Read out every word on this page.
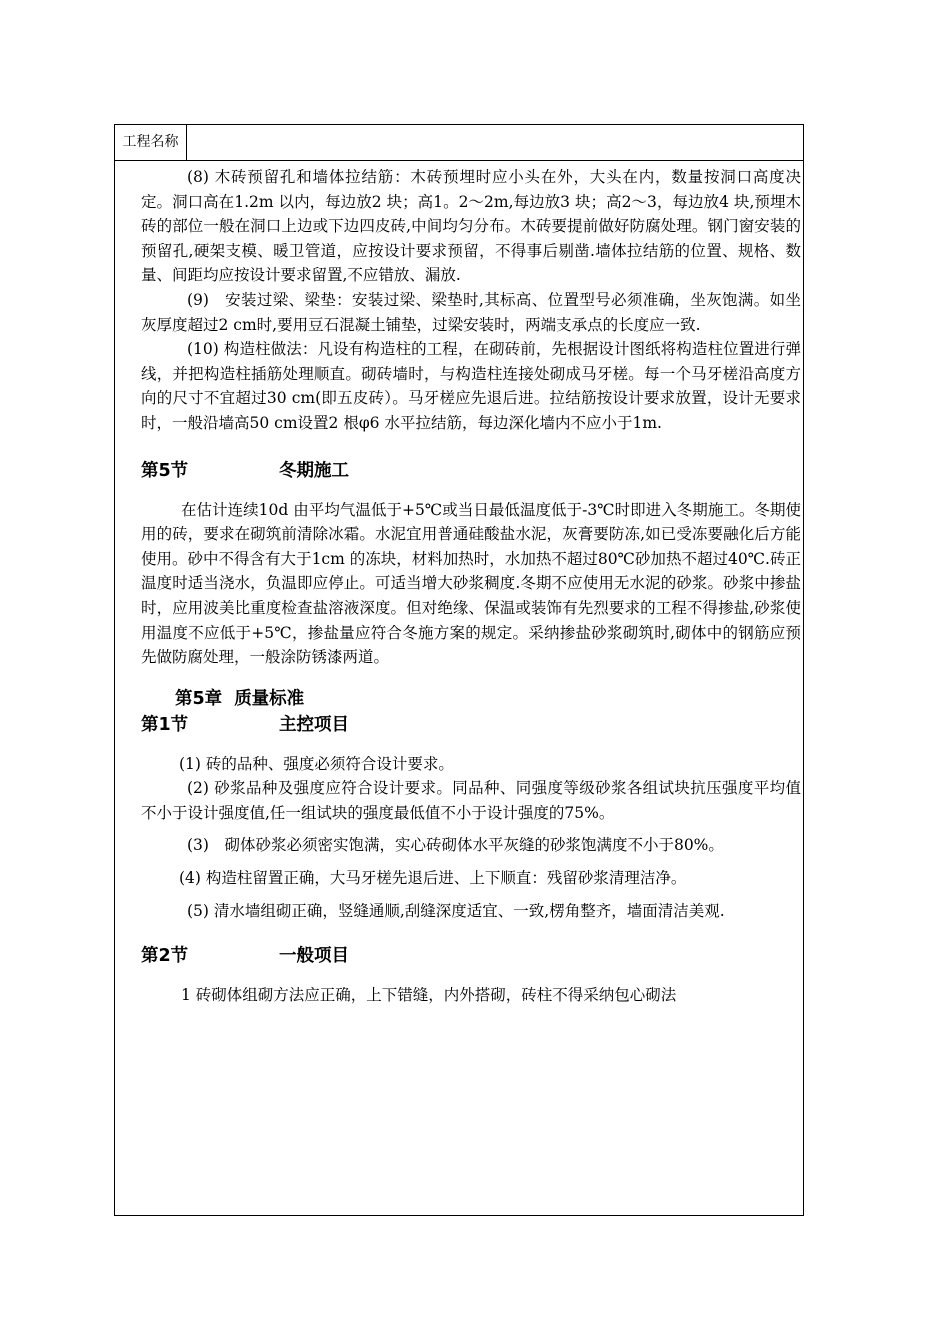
工程名称

(8) 木砖预留孔和墙体拉结筋：木砖预埋时应小头在外，大头在内，数量按洞口高度决定。洞口高在1.2m 以内，每边放2 块；高1。2～2m,每边放3 块；高2～3，每边放4 块,预埋木砖的部位一般在洞口上边或下边四皮砖,中间均匀分布。木砖要提前做好防腐处理。钢门窗安装的预留孔,硬架支模、暖卫管道，应按设计要求预留，不得事后剔凿.墙体拉结筋的位置、规格、数量、间距均应按设计要求留置,不应错放、漏放.

(9)　安装过梁、梁垫：安装过梁、梁垫时,其标高、位置型号必须准确，坐灰饱满。如坐灰厚度超过2 cm时,要用豆石混凝土铺垫，过梁安装时，两端支承点的长度应一致.

(10) 构造柱做法：凡设有构造柱的工程，在砌砖前，先根据设计图纸将构造柱位置进行弹线，并把构造柱插筋处理顺直。砌砖墙时，与构造柱连接处砌成马牙槎。每一个马牙槎沿高度方向的尺寸不宜超过30 cm(即五皮砖）。马牙槎应先退后进。拉结筋按设计要求放置，设计无要求时，一般沿墙高50 cm设置2 根φ6 水平拉结筋，每边深化墙内不应小于1m.

第5节	冬期施工

在估计连续10d 由平均气温低于+5℃或当日最低温度低于-3℃时即进入冬期施工。冬期使用的砖，要求在砌筑前清除冰霜。水泥宜用普通硅酸盐水泥，灰膏要防冻,如已受冻要融化后方能使用。砂中不得含有大于1cm 的冻块，材料加热时，水加热不超过80℃砂加热不超过40℃.砖正温度时适当浇水，负温即应停止。可适当增大砂浆稠度.冬期不应使用无水泥的砂浆。砂浆中掺盐时，应用波美比重度检查盐溶液深度。但对绝缘、保温或装饰有先烈要求的工程不得掺盐,砂浆使用温度不应低于+5℃，掺盐量应符合冬施方案的规定。采纳掺盐砂浆砌筑时,砌体中的钢筋应预先做防腐处理，一般涂防锈漆两道。

第5章 质量标准
第1节	主控项目

(1) 砖的品种、强度必须符合设计要求。

(2) 砂浆品种及强度应符合设计要求。同品种、同强度等级砂浆各组试块抗压强度平均值不小于设计强度值,任一组试块的强度最低值不小于设计强度的75%。

(3)　砌体砂浆必须密实饱满，实心砖砌体水平灰缝的砂浆饱满度不小于80%。

(4) 构造柱留置正确，大马牙槎先退后进、上下顺直：残留砂浆清理洁净。

(5) 清水墙组砌正确，竖缝通顺,刮缝深度适宜、一致,楞角整齐，墙面清洁美观.

第2节	一般项目

1 砖砌体组砌方法应正确，上下错缝，内外搭砌，砖柱不得采纳包心砌法
